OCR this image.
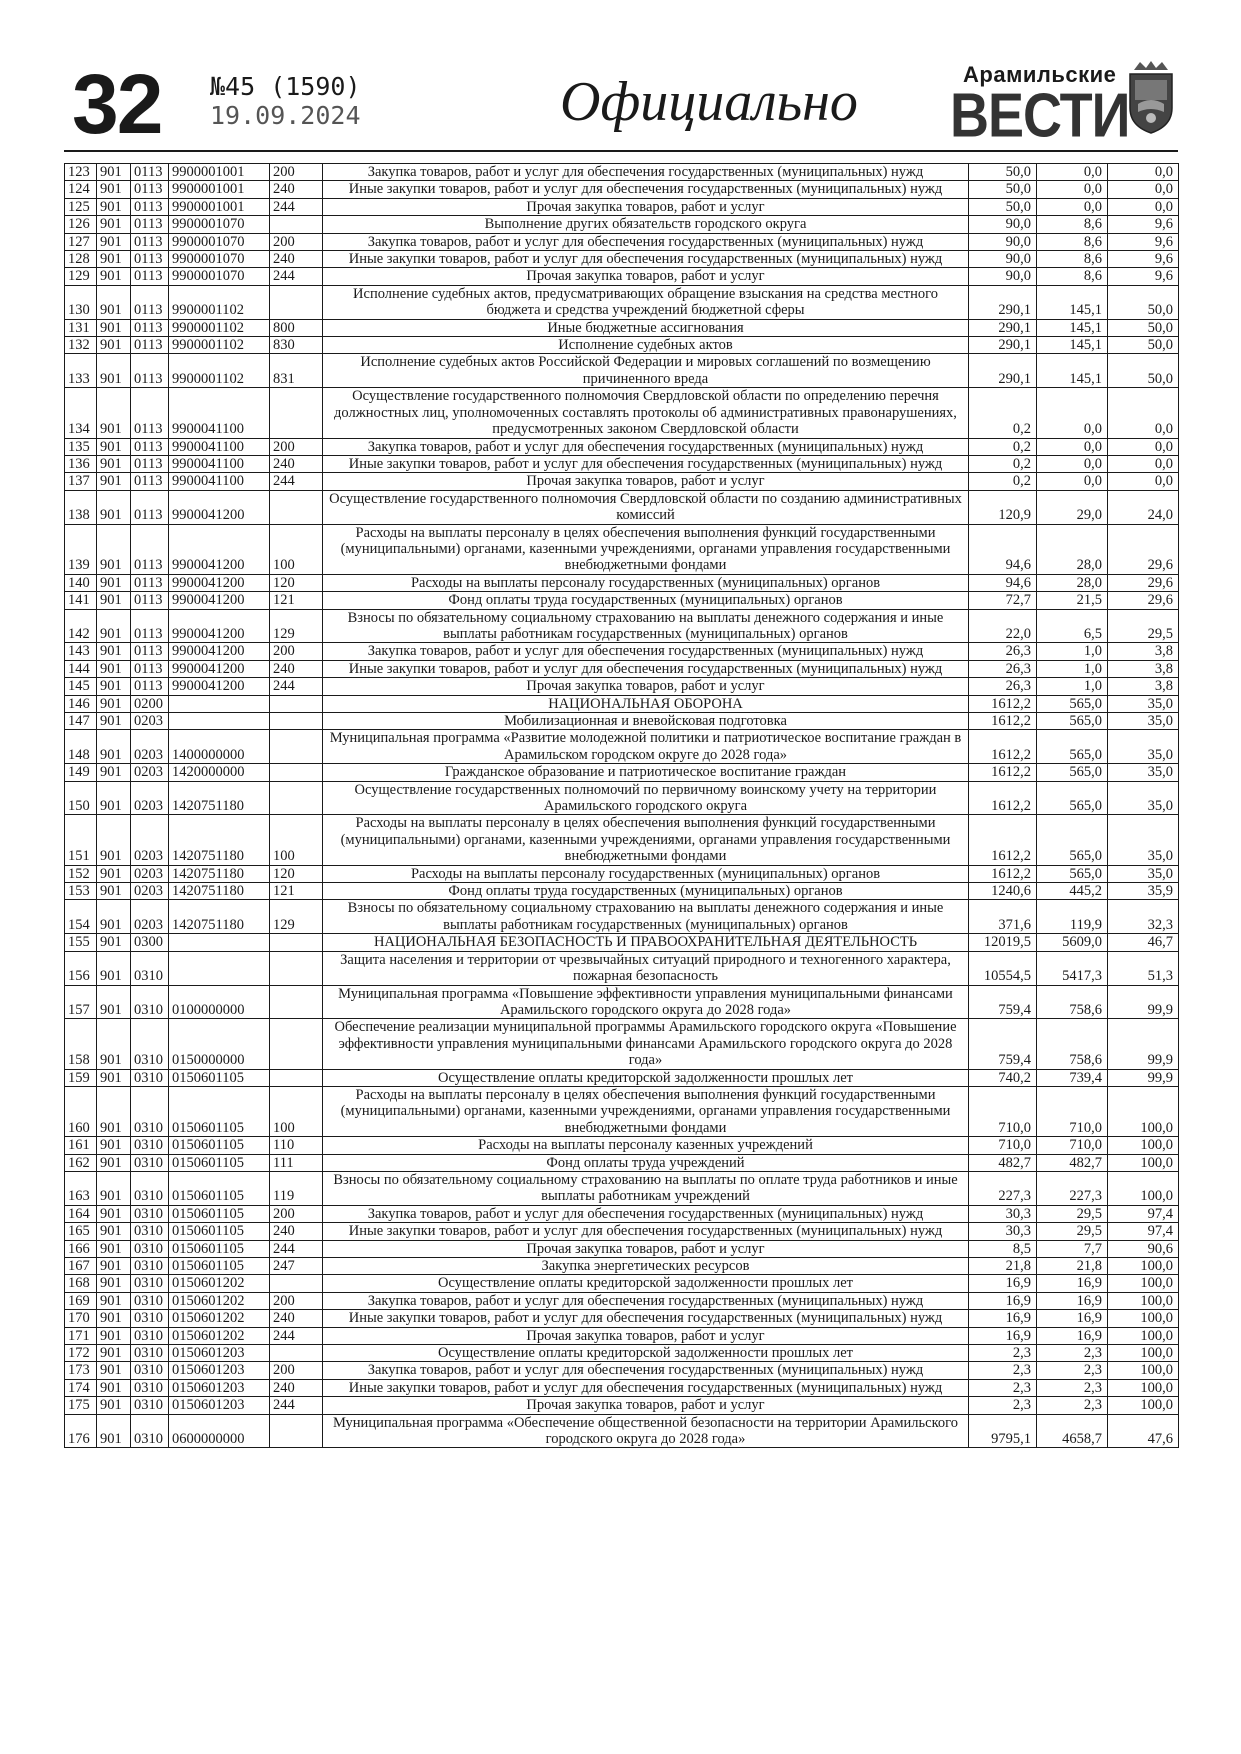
32 №45 (1590)
19.09.2024	Официально	Арамильские
ВЕСТИ
123	901	0113	9900001001	200	Закупка товаров, работ и услуг для обеспечения государственных (муниципальных) нужд	50,0	0,0	0,0
124	901	0113	9900001001	240	Иные закупки товаров, работ и услуг для обеспечения государственных (муниципальных) нужд	50,0	0,0	0,0
125	901	0113	9900001001	244	Прочая закупка товаров, работ и услуг	50,0	0,0	0,0
126	901	0113	9900001070		Выполнение других обязательств городского округа	90,0	8,6	9,6
127	901	0113	9900001070	200	Закупка товаров, работ и услуг для обеспечения государственных (муниципальных) нужд	90,0	8,6	9,6
128	901	0113	9900001070	240	Иные закупки товаров, работ и услуг для обеспечения государственных (муниципальных) нужд	90,0	8,6	9,6
129	901	0113	9900001070	244	Прочая закупка товаров, работ и услуг	90,0	8,6	9,6
130	901	0113	9900001102		Исполнение судебных актов, предусматривающих обращение взыскания на средства местного бюджета и средства учреждений бюджетной сферы	290,1	145,1	50,0
131	901	0113	9900001102	800	Иные бюджетные ассигнования	290,1	145,1	50,0
132	901	0113	9900001102	830	Исполнение судебных актов	290,1	145,1	50,0
133	901	0113	9900001102	831	Исполнение судебных актов Российской Федерации и мировых соглашений по возмещению причиненного вреда	290,1	145,1	50,0
134	901	0113	9900041100		Осуществление государственного полномочия Свердловской области по определению перечня должностных лиц, уполномоченных составлять протоколы об административных правонарушениях, предусмотренных законом Свердловской области	0,2	0,0	0,0
135	901	0113	9900041100	200	Закупка товаров, работ и услуг для обеспечения государственных (муниципальных) нужд	0,2	0,0	0,0
136	901	0113	9900041100	240	Иные закупки товаров, работ и услуг для обеспечения государственных (муниципальных) нужд	0,2	0,0	0,0
137	901	0113	9900041100	244	Прочая закупка товаров, работ и услуг	0,2	0,0	0,0
138	901	0113	9900041200		Осуществление государственного полномочия Свердловской области по созданию административных комиссий	120,9	29,0	24,0
139	901	0113	9900041200	100	Расходы на выплаты персоналу в целях обеспечения выполнения функций государственными (муниципальными) органами, казенными учреждениями, органами управления государственными внебюджетными фондами	94,6	28,0	29,6
140	901	0113	9900041200	120	Расходы на выплаты персоналу государственных (муниципальных) органов	94,6	28,0	29,6
141	901	0113	9900041200	121	Фонд оплаты труда государственных (муниципальных) органов	72,7	21,5	29,6
142	901	0113	9900041200	129	Взносы по обязательному социальному страхованию на выплаты денежного содержания и иные выплаты работникам государственных (муниципальных) органов	22,0	6,5	29,5
143	901	0113	9900041200	200	Закупка товаров, работ и услуг для обеспечения государственных (муниципальных) нужд	26,3	1,0	3,8
144	901	0113	9900041200	240	Иные закупки товаров, работ и услуг для обеспечения государственных (муниципальных) нужд	26,3	1,0	3,8
145	901	0113	9900041200	244	Прочая закупка товаров, работ и услуг	26,3	1,0	3,8
146	901	0200			НАЦИОНАЛЬНАЯ ОБОРОНА	1612,2	565,0	35,0
147	901	0203			Мобилизационная и вневойсковая подготовка	1612,2	565,0	35,0
148	901	0203	1400000000		Муниципальная программа «Развитие молодежной политики и патриотическое воспитание граждан в Арамильском городском округе до 2028 года»	1612,2	565,0	35,0
149	901	0203	1420000000		Гражданское образование и патриотическое воспитание граждан	1612,2	565,0	35,0
150	901	0203	1420751180		Осуществление государственных полномочий по первичному воинскому учету на территории Арамильского городского округа	1612,2	565,0	35,0
151	901	0203	1420751180	100	Расходы на выплаты персоналу в целях обеспечения выполнения функций государственными (муниципальными) органами, казенными учреждениями, органами управления государственными внебюджетными фондами	1612,2	565,0	35,0
152	901	0203	1420751180	120	Расходы на выплаты персоналу государственных (муниципальных) органов	1612,2	565,0	35,0
153	901	0203	1420751180	121	Фонд оплаты труда государственных (муниципальных) органов	1240,6	445,2	35,9
154	901	0203	1420751180	129	Взносы по обязательному социальному страхованию на выплаты денежного содержания и иные выплаты работникам государственных (муниципальных) органов	371,6	119,9	32,3
155	901	0300			НАЦИОНАЛЬНАЯ БЕЗОПАСНОСТЬ И ПРАВООХРАНИТЕЛЬНАЯ ДЕЯТЕЛЬНОСТЬ	12019,5	5609,0	46,7
156	901	0310			Защита населения и территории от чрезвычайных ситуаций природного и техногенного характера, пожарная безопасность	10554,5	5417,3	51,3
157	901	0310	0100000000		Муниципальная программа «Повышение эффективности управления муниципальными финансами Арамильского городского округа до 2028 года»	759,4	758,6	99,9
158	901	0310	0150000000		Обеспечение реализации муниципальной программы Арамильского городского округа «Повышение эффективности управления муниципальными финансами Арамильского городского округа до 2028 года»	759,4	758,6	99,9
159	901	0310	0150601105		Осуществление оплаты кредиторской задолженности прошлых лет	740,2	739,4	99,9
160	901	0310	0150601105	100	Расходы на выплаты персоналу в целях обеспечения выполнения функций государственными (муниципальными) органами, казенными учреждениями, органами управления государственными внебюджетными фондами	710,0	710,0	100,0
161	901	0310	0150601105	110	Расходы на выплаты персоналу казенных учреждений	710,0	710,0	100,0
162	901	0310	0150601105	111	Фонд оплаты труда учреждений	482,7	482,7	100,0
163	901	0310	0150601105	119	Взносы по обязательному социальному страхованию на выплаты по оплате труда работников и иные выплаты работникам учреждений	227,3	227,3	100,0
164	901	0310	0150601105	200	Закупка товаров, работ и услуг для обеспечения государственных (муниципальных) нужд	30,3	29,5	97,4
165	901	0310	0150601105	240	Иные закупки товаров, работ и услуг для обеспечения государственных (муниципальных) нужд	30,3	29,5	97,4
166	901	0310	0150601105	244	Прочая закупка товаров, работ и услуг	8,5	7,7	90,6
167	901	0310	0150601105	247	Закупка энергетических ресурсов	21,8	21,8	100,0
168	901	0310	0150601202		Осуществление оплаты кредиторской задолженности прошлых лет	16,9	16,9	100,0
169	901	0310	0150601202	200	Закупка товаров, работ и услуг для обеспечения государственных (муниципальных) нужд	16,9	16,9	100,0
170	901	0310	0150601202	240	Иные закупки товаров, работ и услуг для обеспечения государственных (муниципальных) нужд	16,9	16,9	100,0
171	901	0310	0150601202	244	Прочая закупка товаров, работ и услуг	16,9	16,9	100,0
172	901	0310	0150601203		Осуществление оплаты кредиторской задолженности прошлых лет	2,3	2,3	100,0
173	901	0310	0150601203	200	Закупка товаров, работ и услуг для обеспечения государственных (муниципальных) нужд	2,3	2,3	100,0
174	901	0310	0150601203	240	Иные закупки товаров, работ и услуг для обеспечения государственных (муниципальных) нужд	2,3	2,3	100,0
175	901	0310	0150601203	244	Прочая закупка товаров, работ и услуг	2,3	2,3	100,0
176	901	0310	0600000000		Муниципальная программа «Обеспечение общественной безопасности на территории Арамильского городского округа до 2028 года»	9795,1	4658,7	47,6
